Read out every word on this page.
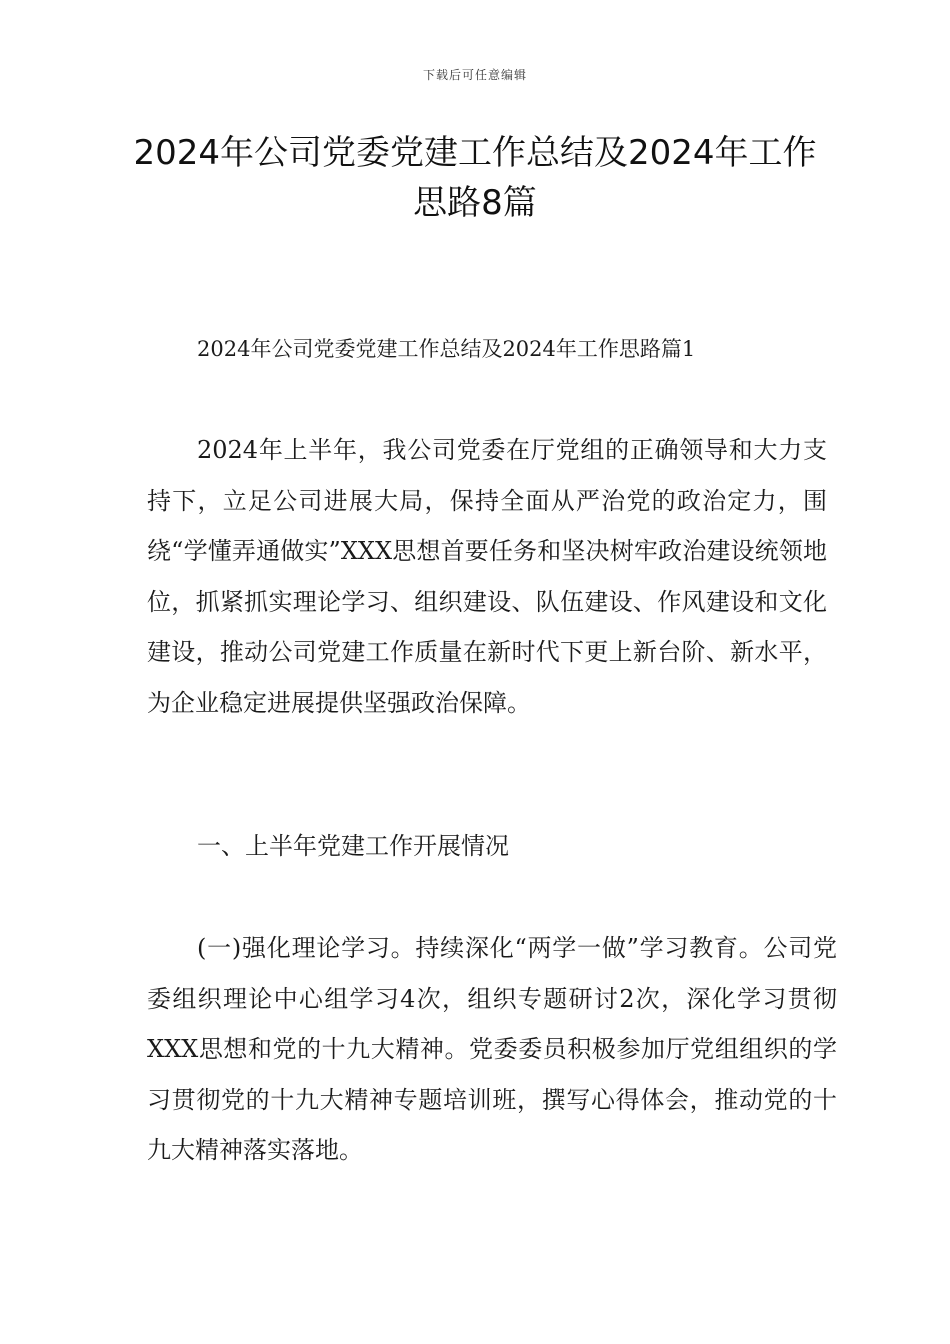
下载后可任意编辑
2024年公司党委党建工作总结及2024年工作思路8篇
2024年公司党委党建工作总结及2024年工作思路篇1

2024年上半年，我公司党委在厅党组的正确领导和大力支持下，立足公司进展大局，保持全面从严治党的政治定力，围绕“学懂弄通做实”XXX思想首要任务和坚决树牢政治建设统领地位，抓紧抓实理论学习、组织建设、队伍建设、作风建设和文化建设，推动公司党建工作质量在新时代下更上新台阶、新水平，为企业稳定进展提供坚强政治保障。

一、上半年党建工作开展情况

(一)强化理论学习。持续深化“两学一做”学习教育。公司党委组织理论中心组学习4次，组织专题研讨2次，深化学习贯彻XXX思想和党的十九大精神。党委委员积极参加厅党组组织的学习贯彻党的十九大精神专题培训班，撰写心得体会，推动党的十九大精神落实落地。
